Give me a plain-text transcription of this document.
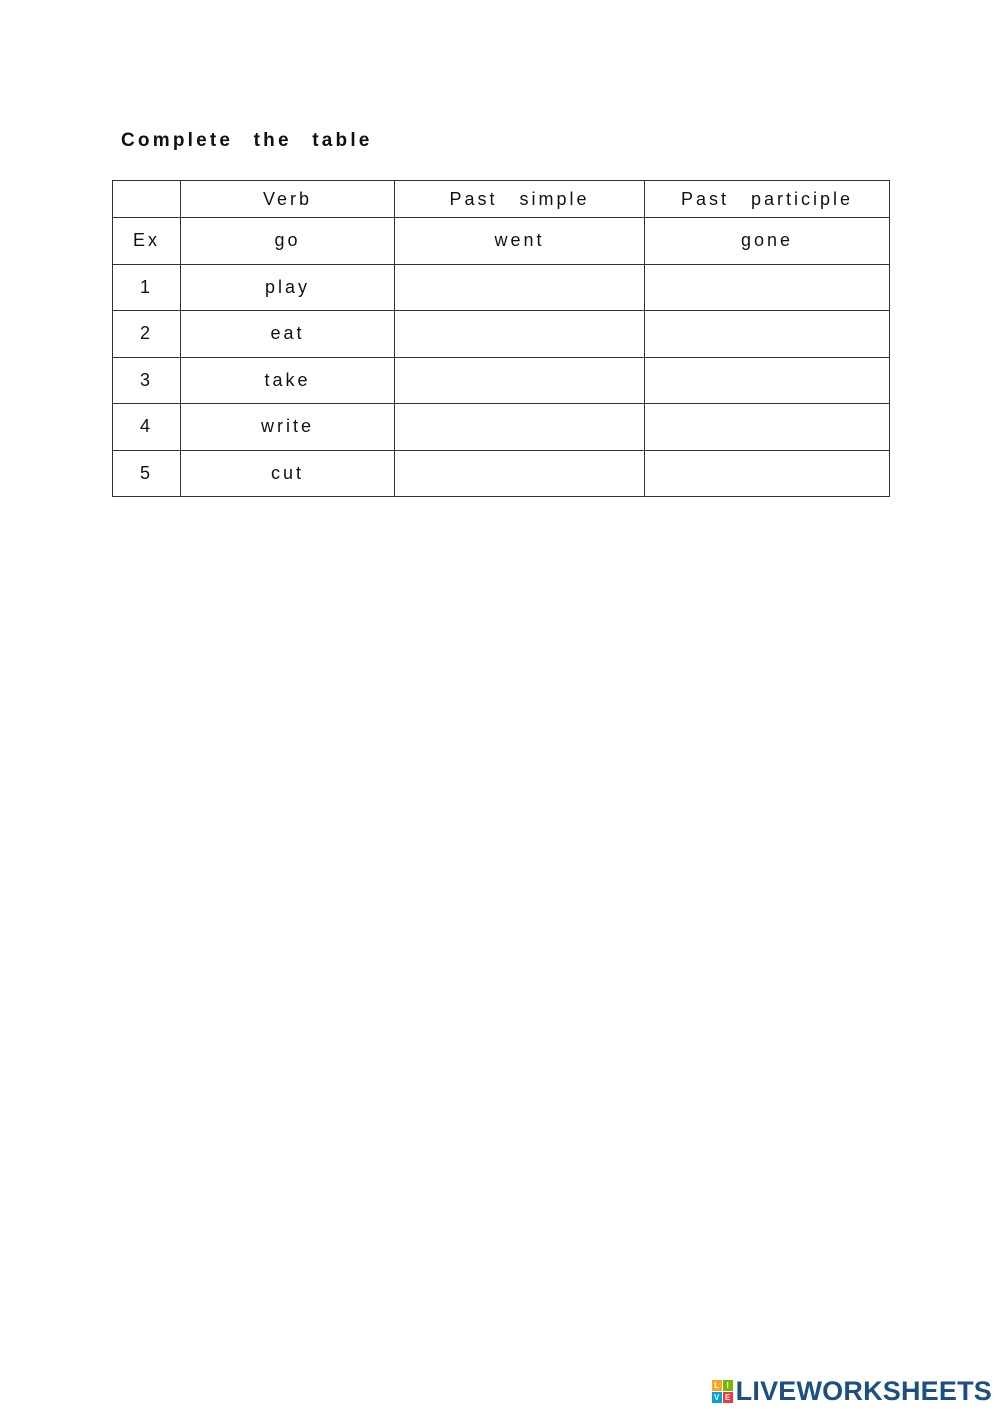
Complete the table
	Verb	Past simple	Past participle
Ex	go	went	gone
1	play		
2	eat		
3	take		
4	write		
5	cut		
L I
V E LIVEWORKSHEETS
